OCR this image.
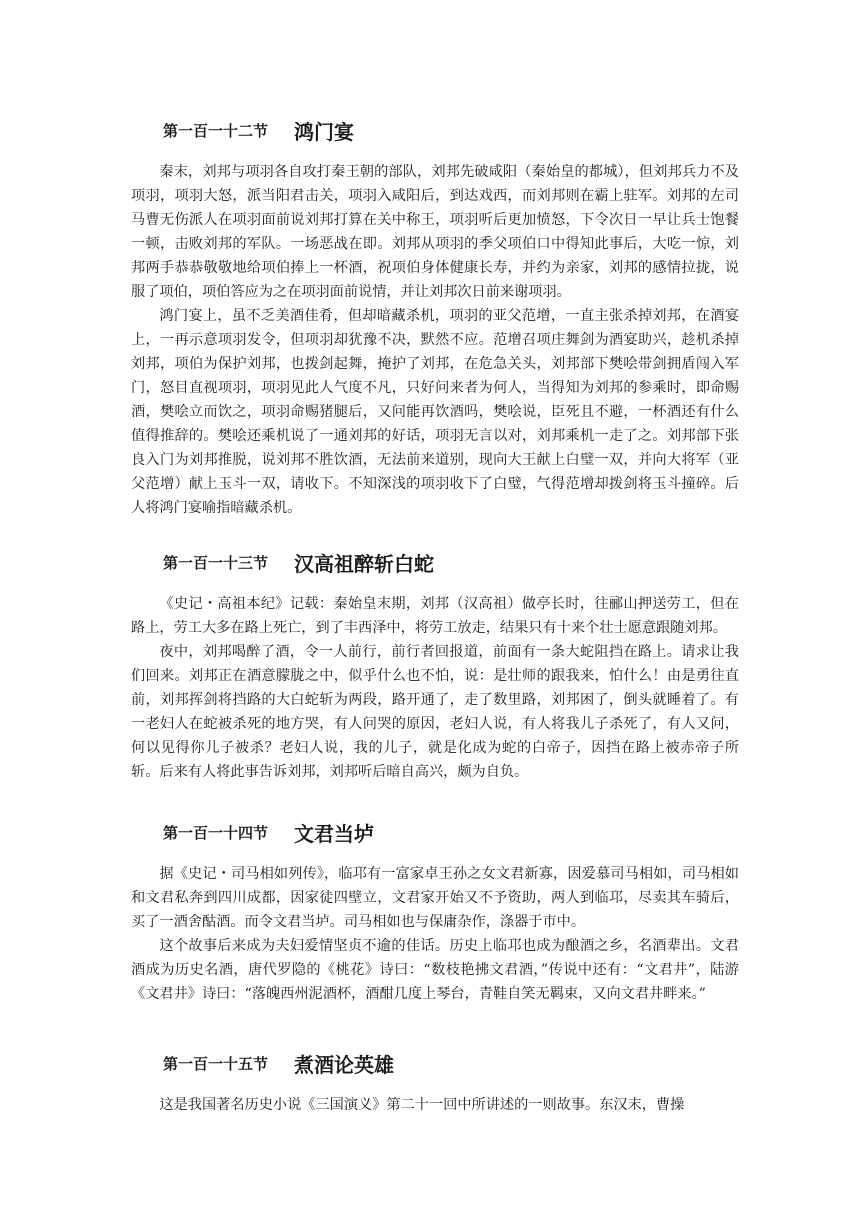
第一百一十二节 鸿门宴

秦末，刘邦与项羽各自攻打秦王朝的部队，刘邦先破咸阳（秦始皇的都城），但刘邦兵力不及项羽，项羽大怒，派当阳君击关，项羽入咸阳后，到达戏西，而刘邦则在霸上驻军。刘邦的左司马曹无伤派人在项羽面前说刘邦打算在关中称王，项羽听后更加愤怒，下令次日一早让兵士饱餐一顿，击败刘邦的军队。一场恶战在即。刘邦从项羽的季父项伯口中得知此事后，大吃一惊，刘邦两手恭恭敬敬地给项伯捧上一杯酒，祝项伯身体健康长寿，并约为亲家，刘邦的感情拉拢，说服了项伯，项伯答应为之在项羽面前说情，并让刘邦次日前来谢项羽。

鸿门宴上，虽不乏美酒佳肴，但却暗藏杀机，项羽的亚父范增，一直主张杀掉刘邦，在酒宴上，一再示意项羽发令，但项羽却犹豫不决，默然不应。范增召项庄舞剑为酒宴助兴，趁机杀掉刘邦，项伯为保护刘邦，也拨剑起舞，掩护了刘邦，在危急关头，刘邦部下樊哙带剑拥盾闯入军门，怒目直视项羽，项羽见此人气度不凡，只好问来者为何人，当得知为刘邦的参乘时，即命赐酒，樊哙立而饮之，项羽命赐猪腿后，又问能再饮酒吗，樊哙说，臣死且不避，一杯酒还有什么值得推辞的。樊哙还乘机说了一通刘邦的好话，项羽无言以对，刘邦乘机一走了之。刘邦部下张良入门为刘邦推脱，说刘邦不胜饮酒，无法前来道别，现向大王献上白璧一双，并向大将军（亚父范增）献上玉斗一双，请收下。不知深浅的项羽收下了白璧，气得范增却拨剑将玉斗撞碎。后人将鸿门宴喻指暗藏杀机。

第一百一十三节 汉高祖醉斩白蛇

《史记・高祖本纪》记载：秦始皇末期，刘邦（汉高祖）做亭长时，往郦山押送劳工，但在路上，劳工大多在路上死亡，到了丰西泽中，将劳工放走，结果只有十来个壮士愿意跟随刘邦。

夜中，刘邦喝醉了酒，令一人前行，前行者回报道，前面有一条大蛇阻挡在路上。请求让我们回来。刘邦正在酒意朦胧之中，似乎什么也不怕，说：是壮师的跟我来，怕什么！由是勇往直前，刘邦挥剑将挡路的大白蛇斩为两段，路开通了，走了数里路，刘邦困了，倒头就睡着了。有一老妇人在蛇被杀死的地方哭，有人问哭的原因，老妇人说，有人将我儿子杀死了，有人又问，何以见得你儿子被杀？老妇人说，我的儿子，就是化成为蛇的白帝子，因挡在路上被赤帝子所斩。后来有人将此事告诉刘邦，刘邦听后暗自高兴，颇为自负。

第一百一十四节 文君当垆

据《史记・司马相如列传》，临邛有一富家卓王孙之女文君新寡，因爱慕司马相如，司马相如和文君私奔到四川成都，因家徒四壁立，文君家开始又不予资助，两人到临邛，尽卖其车骑后，买了一酒舍酤酒。而令文君当垆。司马相如也与保庸杂作，涤器于市中。

这个故事后来成为夫妇爱情坚贞不逾的佳话。历史上临邛也成为酿酒之乡，名酒辈出。文君酒成为历史名酒，唐代罗隐的《桃花》诗曰：“数枝艳拂文君酒，”传说中还有：“文君井”，陆游《文君井》诗曰：“落魄西州泥酒杯，酒酣几度上琴台，青鞋自笑无羁束，又向文君井畔来。”

第一百一十五节 煮酒论英雄

这是我国著名历史小说《三国演义》第二十一回中所讲述的一则故事。东汉末，曹操
